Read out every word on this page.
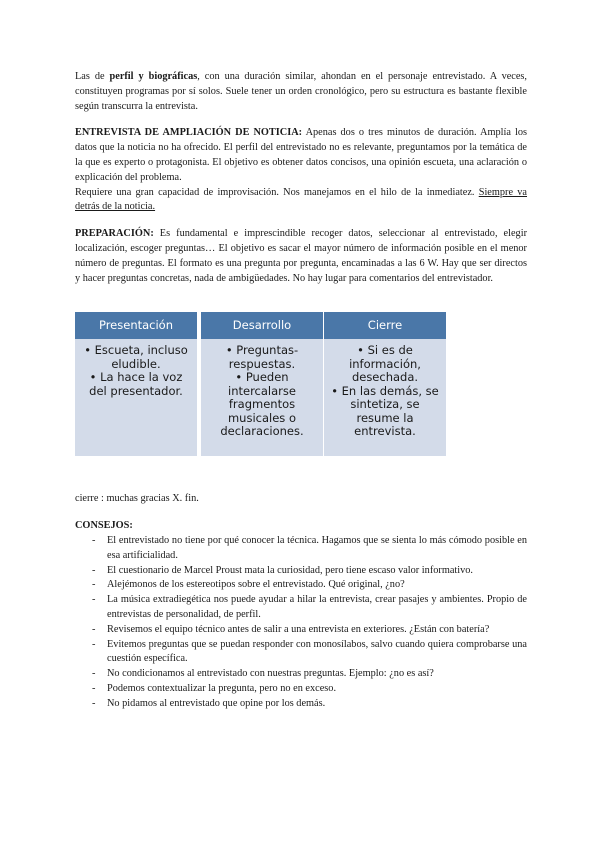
Las de perfil y biográficas, con una duración similar, ahondan en el personaje entrevistado. A veces, constituyen programas por sí solos. Suele tener un orden cronológico, pero su estructura es bastante flexible según transcurra la entrevista.

ENTREVISTA DE AMPLIACIÓN DE NOTICIA: Apenas dos o tres minutos de duración. Amplía los datos que la noticia no ha ofrecido. El perfil del entrevistado no es relevante, preguntamos por la temática de la que es experto o protagonista. El objetivo es obtener datos concisos, una opinión escueta, una aclaración o explicación del problema.

Requiere una gran capacidad de improvisación. Nos manejamos en el hilo de la inmediatez. Siempre va detrás de la noticia.

PREPARACIÓN: Es fundamental e imprescindible recoger datos, seleccionar al entrevistado, elegir localización, escoger preguntas… El objetivo es sacar el mayor número de información posible en el menor número de preguntas. El formato es una pregunta por pregunta, encaminadas a las 6 W. Hay que ser directos y hacer preguntas concretas, nada de ambigüedades. No hay lugar para comentarios del entrevistador.

Presentación
• Escueta, incluso eludible.
• La hace la voz del presentador.
Desarrollo
• Preguntas-respuestas.
• Pueden intercalarse fragmentos musicales o declaraciones.
Cierre
• Si es de información, desechada.
• En las demás, se sintetiza, se resume la entrevista.

cierre : muchas gracias X. fin.

CONSEJOS:

- El entrevistado no tiene por qué conocer la técnica. Hagamos que se sienta lo más cómodo posible en esa artificialidad.
- El cuestionario de Marcel Proust mata la curiosidad, pero tiene escaso valor informativo.
- Alejémonos de los estereotipos sobre el entrevistado. Qué original, ¿no?
- La música extradiegética nos puede ayudar a hilar la entrevista, crear pasajes y ambientes. Propio de entrevistas de personalidad, de perfil.
- Revisemos el equipo técnico antes de salir a una entrevista en exteriores. ¿Están con batería?
- Evitemos preguntas que se puedan responder con monosílabos, salvo cuando quiera comprobarse una cuestión específica.
- No condicionamos al entrevistado con nuestras preguntas. Ejemplo: ¿no es así?
- Podemos contextualizar la pregunta, pero no en exceso.
- No pidamos al entrevistado que opine por los demás.
